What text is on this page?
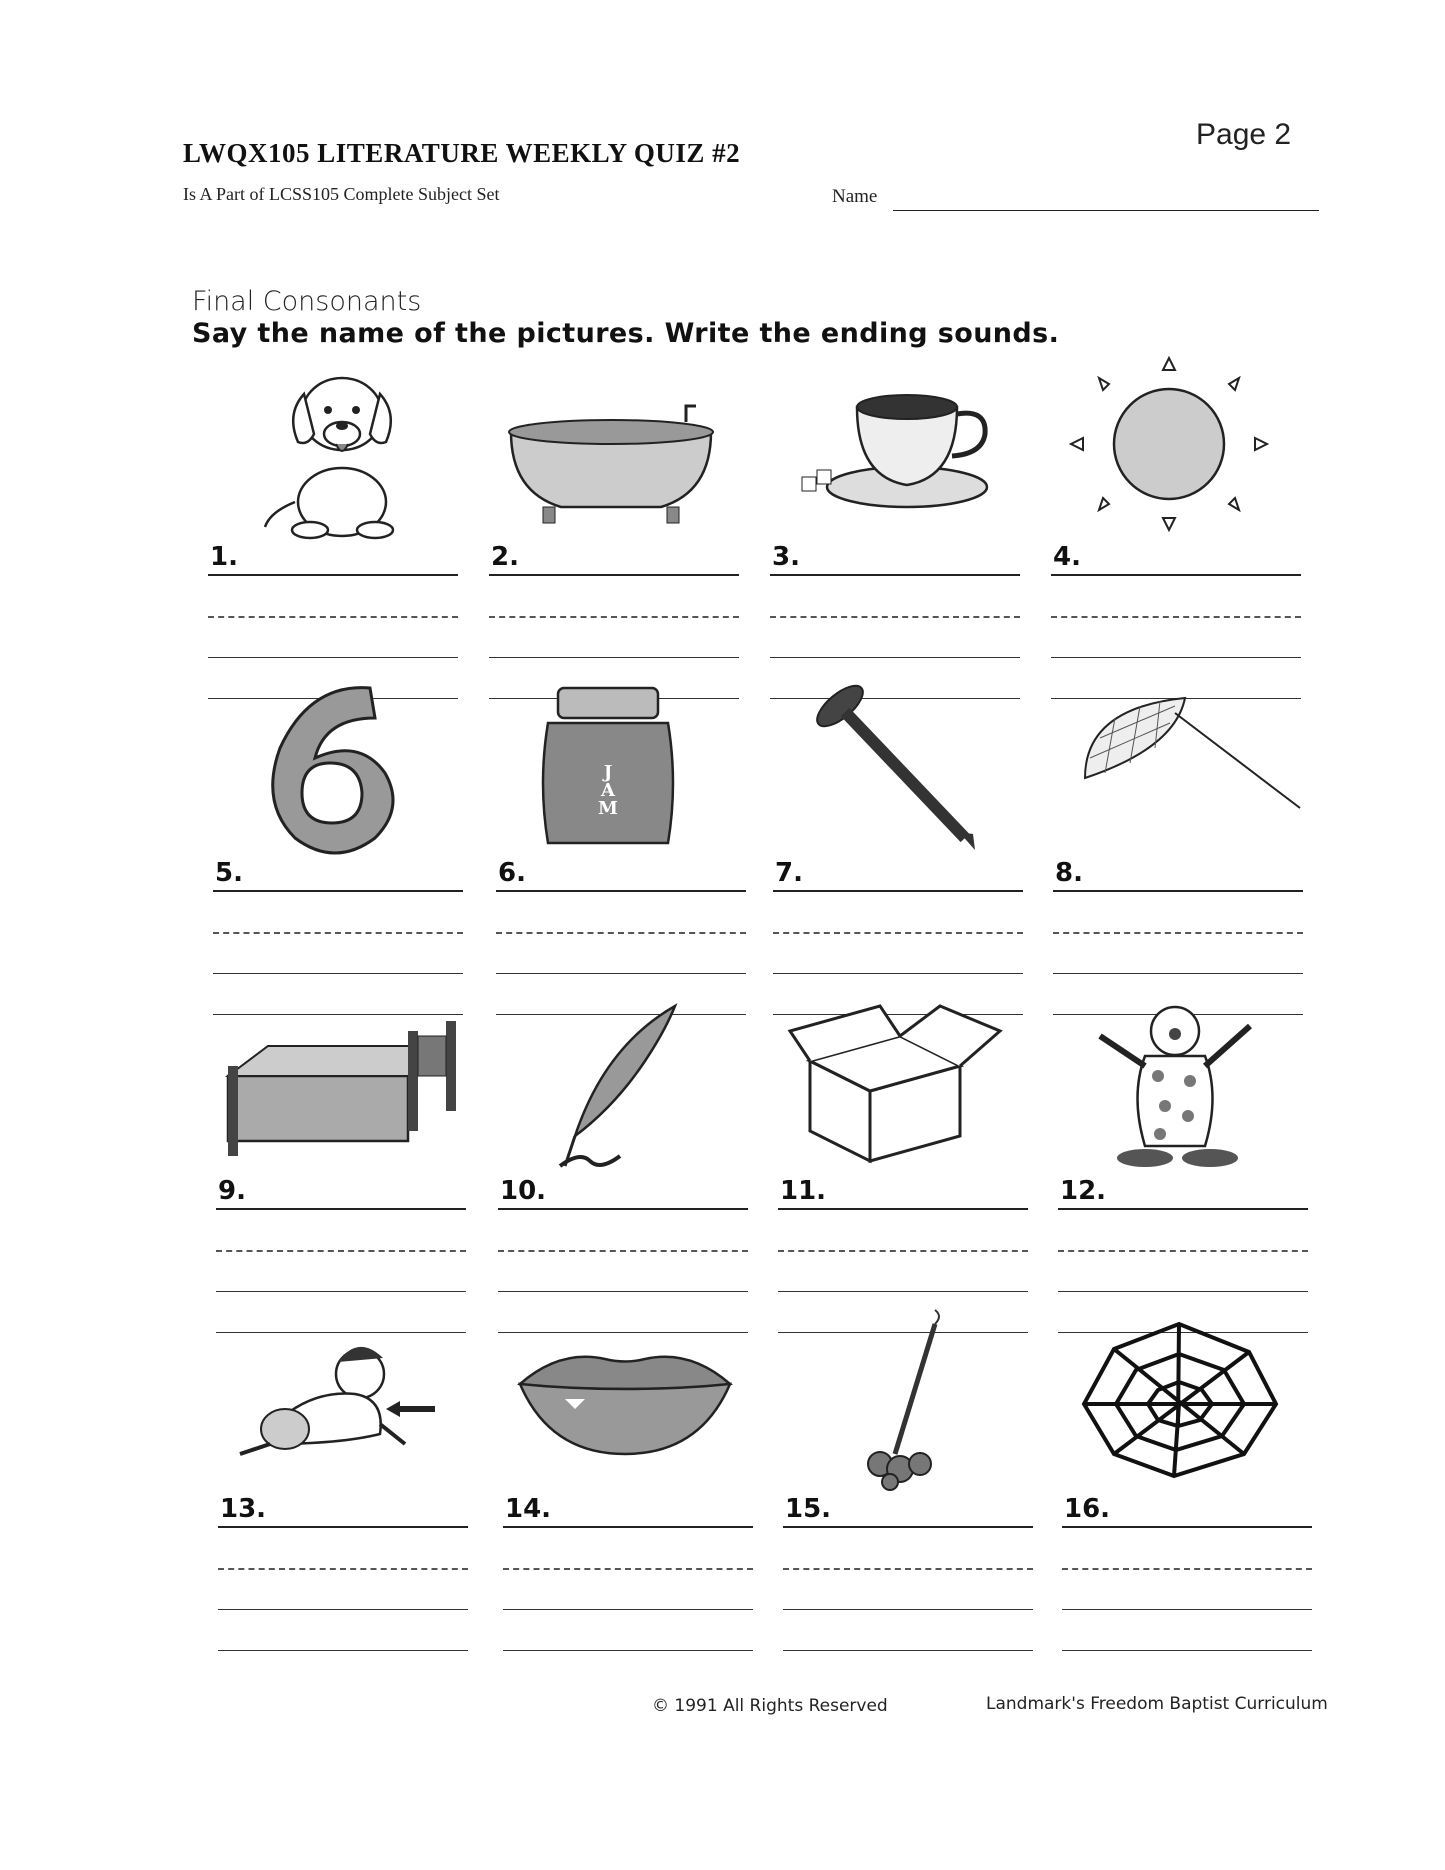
Page 2
LWQX105 LITERATURE WEEKLY QUIZ #2
Is A Part of LCSS105 Complete Subject Set	Name
Final Consonants
Say the name of the pictures. Write the ending sounds.
1.	2.	3.	4.
5.
J
A
M
6.	7.	8.
9.	10.	11.	12.
13.	14.	15.	16.
© 1991 All Rights Reserved	Landmark's Freedom Baptist Curriculum
